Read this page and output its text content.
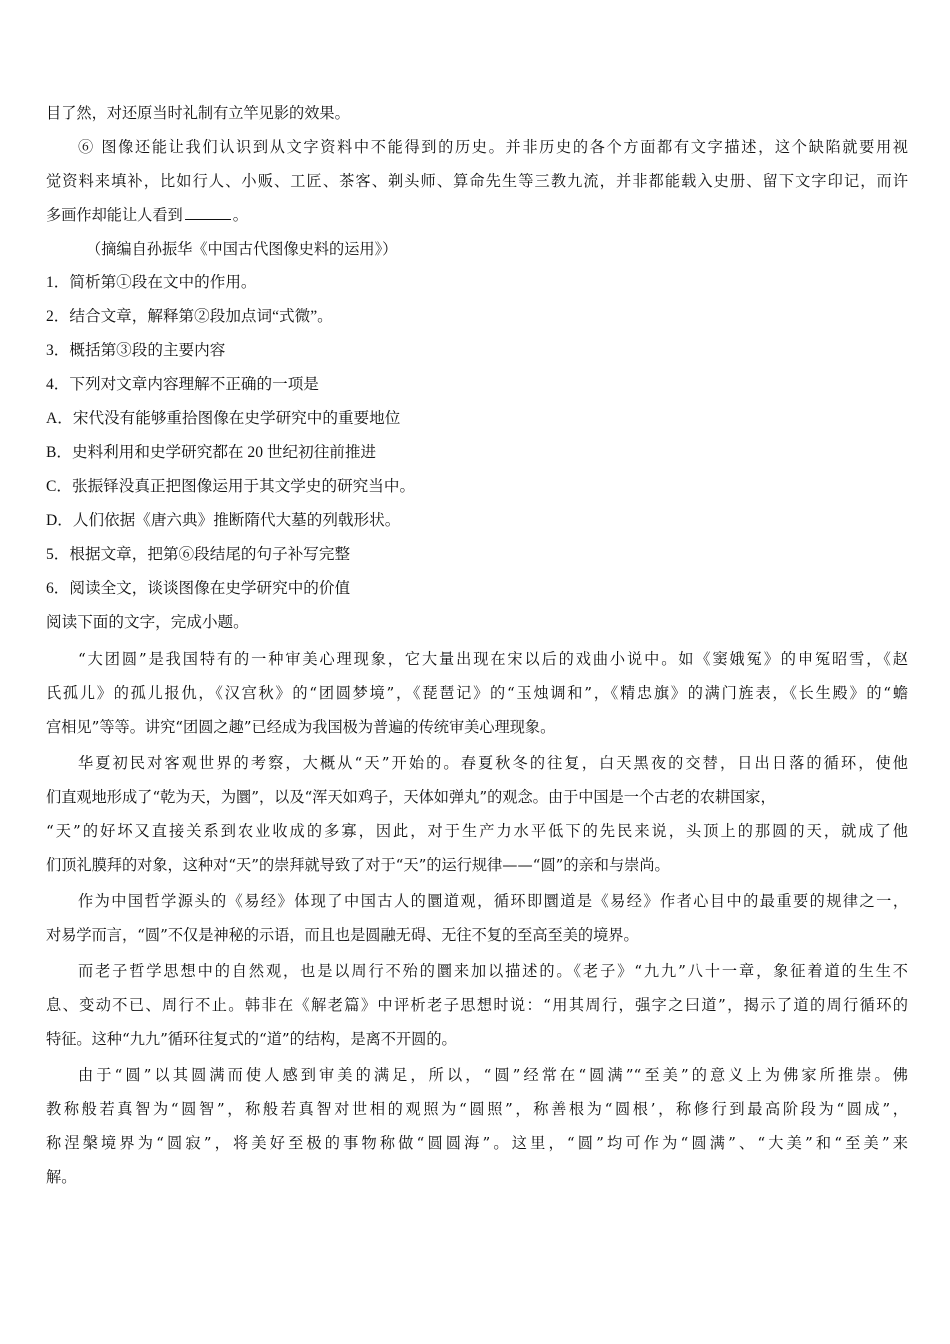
目了然，对还原当时礼制有立竿见影的效果。

⑥ 图像还能让我们认识到从文字资料中不能得到的历史。并非历史的各个方面都有文字描述，这个缺陷就要用视

觉资料来填补，比如行人、小贩、工匠、茶客、剃头师、算命先生等三教九流，并非都能载入史册、留下文字印记，而许

多画作却能让人看到	。

（摘编自孙振华《中国古代图像史料的运用》）

1．简析第①段在文中的作用。

2．结合文章，解释第②段加点词“式微”。

3．概括第③段的主要内容

4．下列对文章内容理解不正确的一项是

A．宋代没有能够重拾图像在史学研究中的重要地位

B．史料利用和史学研究都在 20 世纪初往前推进

C．张振铎没真正把图像运用于其文学史的研究当中。

D．人们依据《唐六典》推断隋代大墓的列戟形状。

5．根据文章，把第⑥段结尾的句子补写完整

6．阅读全文，谈谈图像在史学研究中的价值

阅读下面的文字，完成小题。

“大团圆”是我国特有的一种审美心理现象，它大量出现在宋以后的戏曲小说中。如《窦娥冤》的申冤昭雪，《赵

氏孤儿》的孤儿报仇，《汉宫秋》的“团圆梦境”，《琵琶记》的“玉烛调和”，《精忠旗》的满门旌表，《长生殿》的“蟾

宫相见”等等。讲究“团圆之趣”已经成为我国极为普遍的传统审美心理现象。

华夏初民对客观世界的考察，大概从“天”开始的。春夏秋冬的往复，白天黑夜的交替，日出日落的循环，使他

们直观地形成了“乾为天，为圜”，以及“浑天如鸡子，天体如弹丸”的观念。由于中国是一个古老的农耕国家，

“天”的好坏又直接关系到农业收成的多寡，因此，对于生产力水平低下的先民来说，头顶上的那圆的天，就成了他

们顶礼膜拜的对象，这种对“天”的崇拜就导致了对于“天”的运行规律——“圆”的亲和与崇尚。

作为中国哲学源头的《易经》体现了中国古人的圜道观，循环即圜道是《易经》作者心目中的最重要的规律之一，

对易学而言，“圆”不仅是神秘的示语，而且也是圆融无碍、无往不复的至高至美的境界。

而老子哲学思想中的自然观，也是以周行不殆的圜来加以描述的。《老子》“九九”八十一章，象征着道的生生不

息、变动不已、周行不止。韩非在《解老篇》中评析老子思想时说：“用其周行，强字之曰道”，揭示了道的周行循环的

特征。这种“九九”循环往复式的“道”的结构，是离不开圆的。

由于“圆”以其圆满而使人感到审美的满足，所以，“圆”经常在“圆满”“至美”的意义上为佛家所推崇。佛

教称般若真智为“圆智”，称般若真智对世相的观照为“圆照”，称善根为“圆根’，称修行到最高阶段为“圆成”，

称涅槃境界为“圆寂”，将美好至极的事物称做“圆圆海”。这里，“圆”均可作为“圆满”、“大美”和“至美”来

解。
